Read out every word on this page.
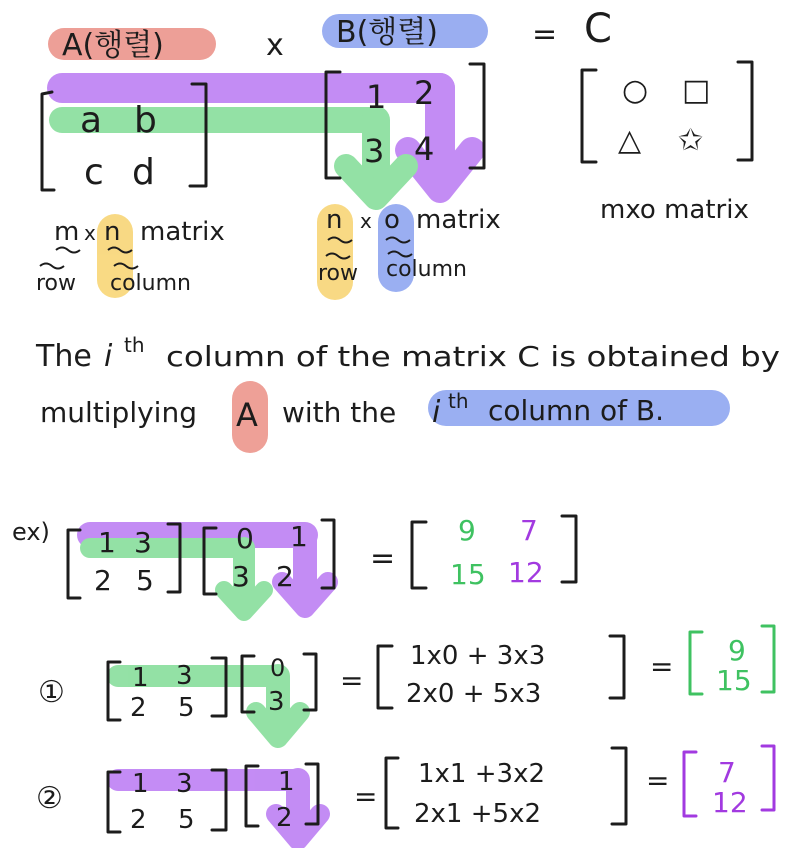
A(행렬)	x B(행렬)	= C
a b
c d
1 2
3 4
○ □
△ ✩
m x n matrix
row column
n x o matrix
row column
mxo matrix
The i th column of the matrix C is obtained by
multiplying A with the i th column of B.
ex) 1 3
2 5
0 1
3 2
=
9 7
15 12
①	1 3
2 5
0
3
=
1x0 + 3x3
2x0 + 5x3
= 9
15
②	1 3
2 5
1
2
=
1x1 +3x2
2x1 +5x2
= 7
12
